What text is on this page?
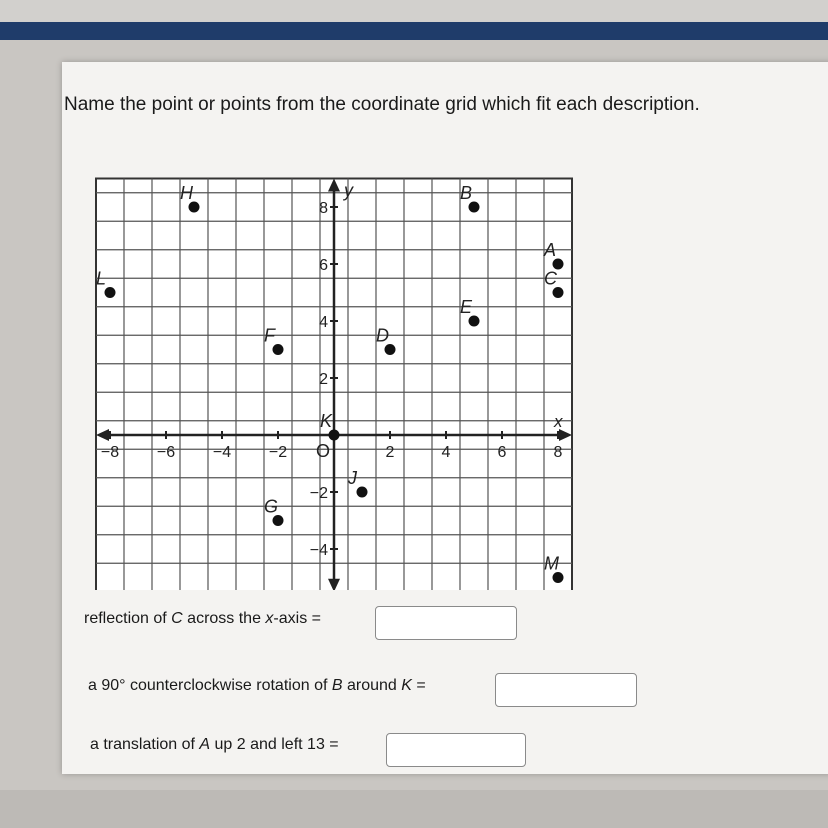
Name the point or points from the coordinate grid which fit each description.
−8 −6 −4 −2	2	4	6	8
8
6
4
2
−2
−4
O
x
y
H	B
A
L	C
E
F	D
K
J
G
M
reflection of C across the x-axis =
a 90° counterclockwise rotation of B around K =
a translation of A up 2 and left 13 =
